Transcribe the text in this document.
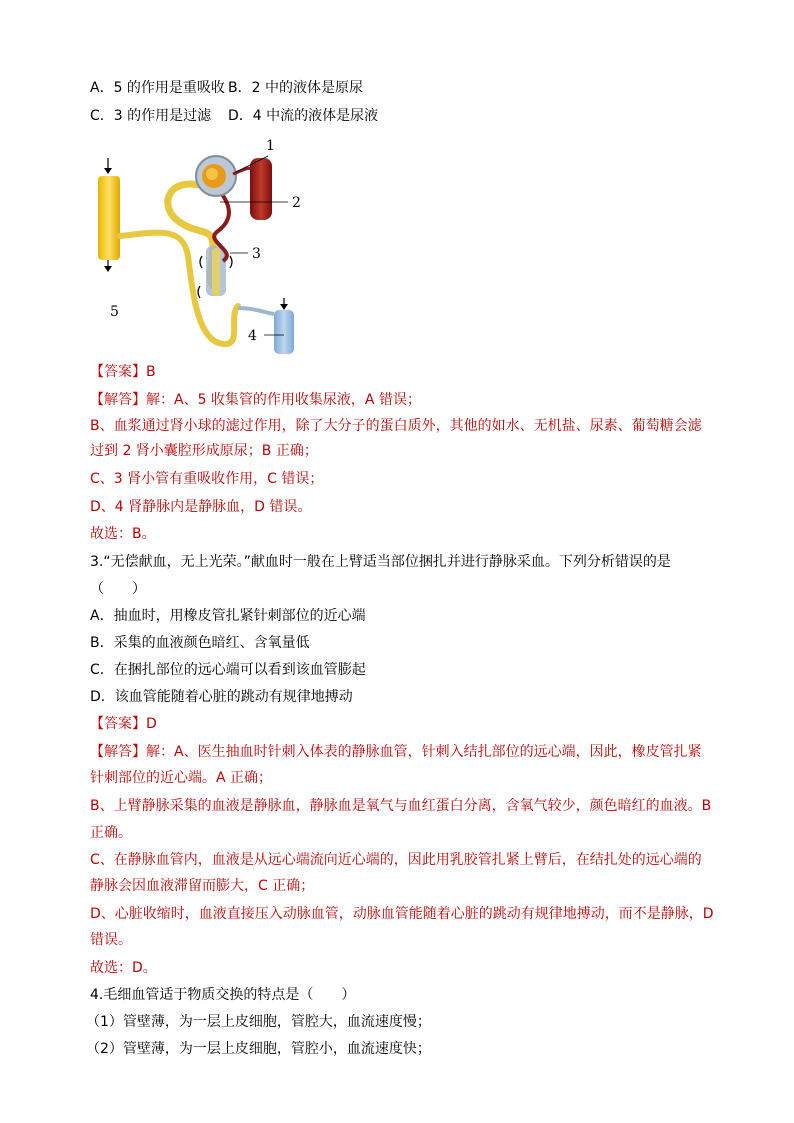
A．5 的作用是重吸收 B．2 中的液体是原尿
C．3 的作用是过滤	D．4 中流的液体是尿液
1
2
3
4
5
【答案】B
【解答】解：A、5 收集管的作用收集尿液，A 错误；
B、血浆通过肾小球的滤过作用，除了大分子的蛋白质外，其他的如水、无机盐、尿素、葡萄糖会滤
过到 2 肾小囊腔形成原尿；B 正确；
C、3 肾小管有重吸收作用，C 错误；
D、4 肾静脉内是静脉血，D 错误。
故选：B。
3.“无偿献血，无上光荣。”献血时一般在上臂适当部位捆扎并进行静脉采血。下列分析错误的是
（　　）
A．抽血时，用橡皮管扎紧针刺部位的近心端
B．采集的血液颜色暗红、含氧量低
C．在捆扎部位的远心端可以看到该血管膨起
D．该血管能随着心脏的跳动有规律地搏动
【答案】D
【解答】解：A、医生抽血时针刺入体表的静脉血管，针刺入结扎部位的远心端，因此，橡皮管扎紧
针刺部位的近心端。A 正确；
B、上臂静脉采集的血液是静脉血，静脉血是氧气与血红蛋白分离，含氧气较少，颜色暗红的血液。B
正确。
C、在静脉血管内，血液是从远心端流向近心端的，因此用乳胶管扎紧上臂后，在结扎处的远心端的
静脉会因血液滞留而膨大，C 正确；
D、心脏收缩时，血液直接压入动脉血管，动脉血管能随着心脏的跳动有规律地搏动，而不是静脉，D
错误。
故选：D。
4.毛细血管适于物质交换的特点是（　　）
（1）管壁薄，为一层上皮细胞，管腔大，血流速度慢；
（2）管壁薄，为一层上皮细胞，管腔小，血流速度快；
